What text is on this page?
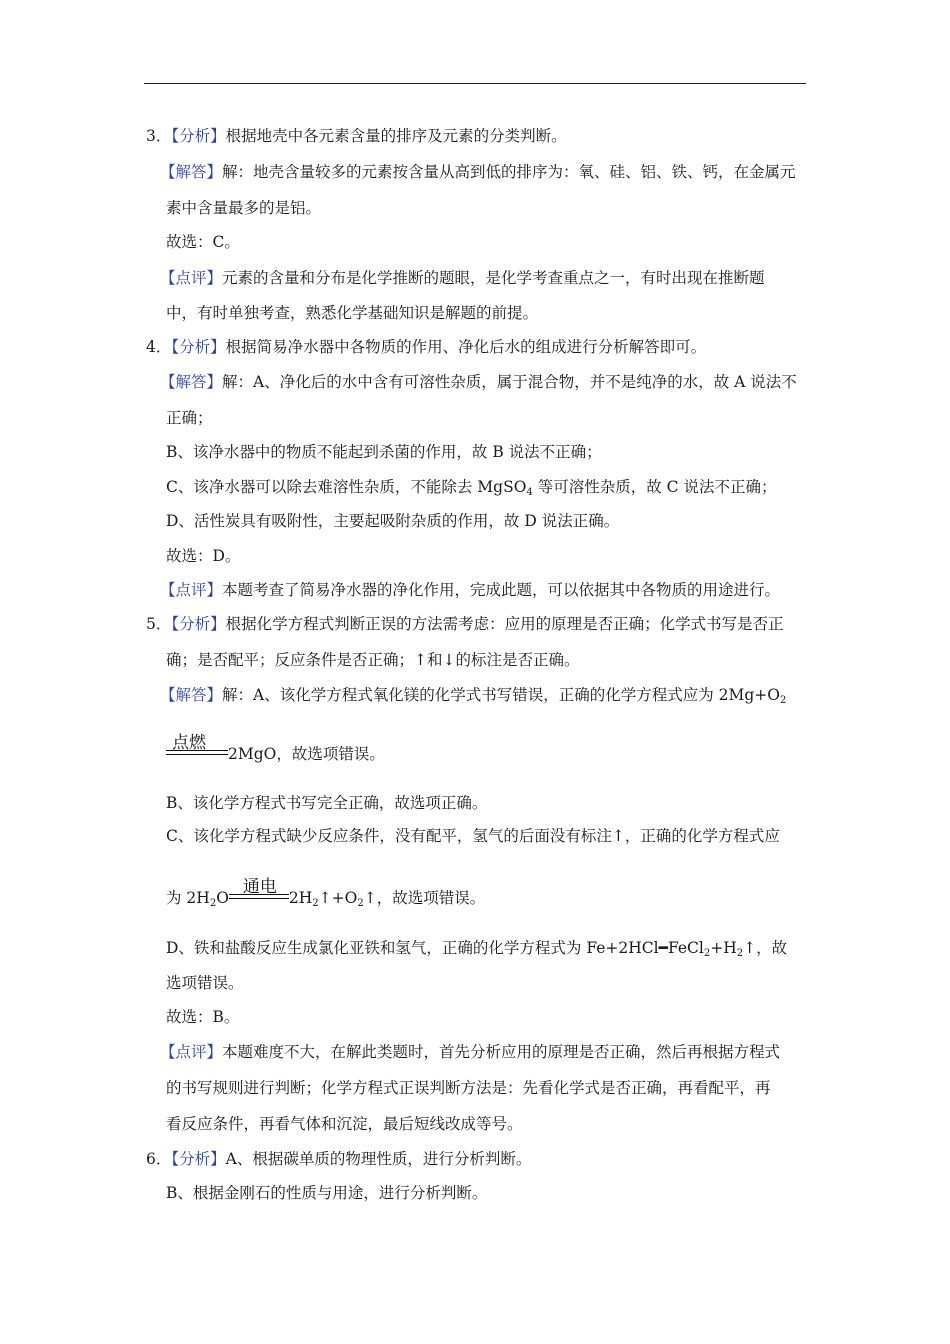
3．【分析】根据地壳中各元素含量的排序及元素的分类判断。
【解答】解：地壳含量较多的元素按含量从高到低的排序为：氧、硅、铝、铁、钙，在金属元
素中含量最多的是铝。
故选：C。
【点评】元素的含量和分布是化学推断的题眼，是化学考查重点之一，有时出现在推断题
中，有时单独考查，熟悉化学基础知识是解题的前提。
4．【分析】根据简易净水器中各物质的作用、净化后水的组成进行分析解答即可。
【解答】解：A、净化后的水中含有可溶性杂质，属于混合物，并不是纯净的水，故 A 说法不
正确；
B、该净水器中的物质不能起到杀菌的作用，故 B 说法不正确；
C、该净水器可以除去难溶性杂质，不能除去 MgSO$_4$ 等可溶性杂质，故 C 说法不正确；
D、活性炭具有吸附性，主要起吸附杂质的作用，故 D 说法正确。
故选：D。
【点评】本题考查了简易净水器的净化作用，完成此题，可以依据其中各物质的用途进行。
5．【分析】根据化学方程式判断正误的方法需考虑：应用的原理是否正确；化学式书写是否正
确；是否配平；反应条件是否正确；↑和↓的标注是否正确。
【解答】解：A、该化学方程式氧化镁的化学式书写错误，正确的化学方程式应为 $2Mg+O_2$
点燃
2MgO，故选项错误。
B、该化学方程式书写完全正确，故选项正确。
C、该化学方程式缺少反应条件，没有配平，氢气的后面没有标注↑，正确的化学方程式应
为 $2H_2O$
通电
$2H_2↑+O_2↑$，故选项错误。
D、铁和盐酸反应生成氯化亚铁和氢气，正确的化学方程式为 $Fe+2HCl━FeCl_2+H_2↑$，故
选项错误。
故选：B。
【点评】本题难度不大，在解此类题时，首先分析应用的原理是否正确，然后再根据方程式
的书写规则进行判断；化学方程式正误判断方法是：先看化学式是否正确，再看配平，再
看反应条件，再看气体和沉淀，最后短线改成等号。
6．【分析】A、根据碳单质的物理性质，进行分析判断。
B、根据金刚石的性质与用途，进行分析判断。
